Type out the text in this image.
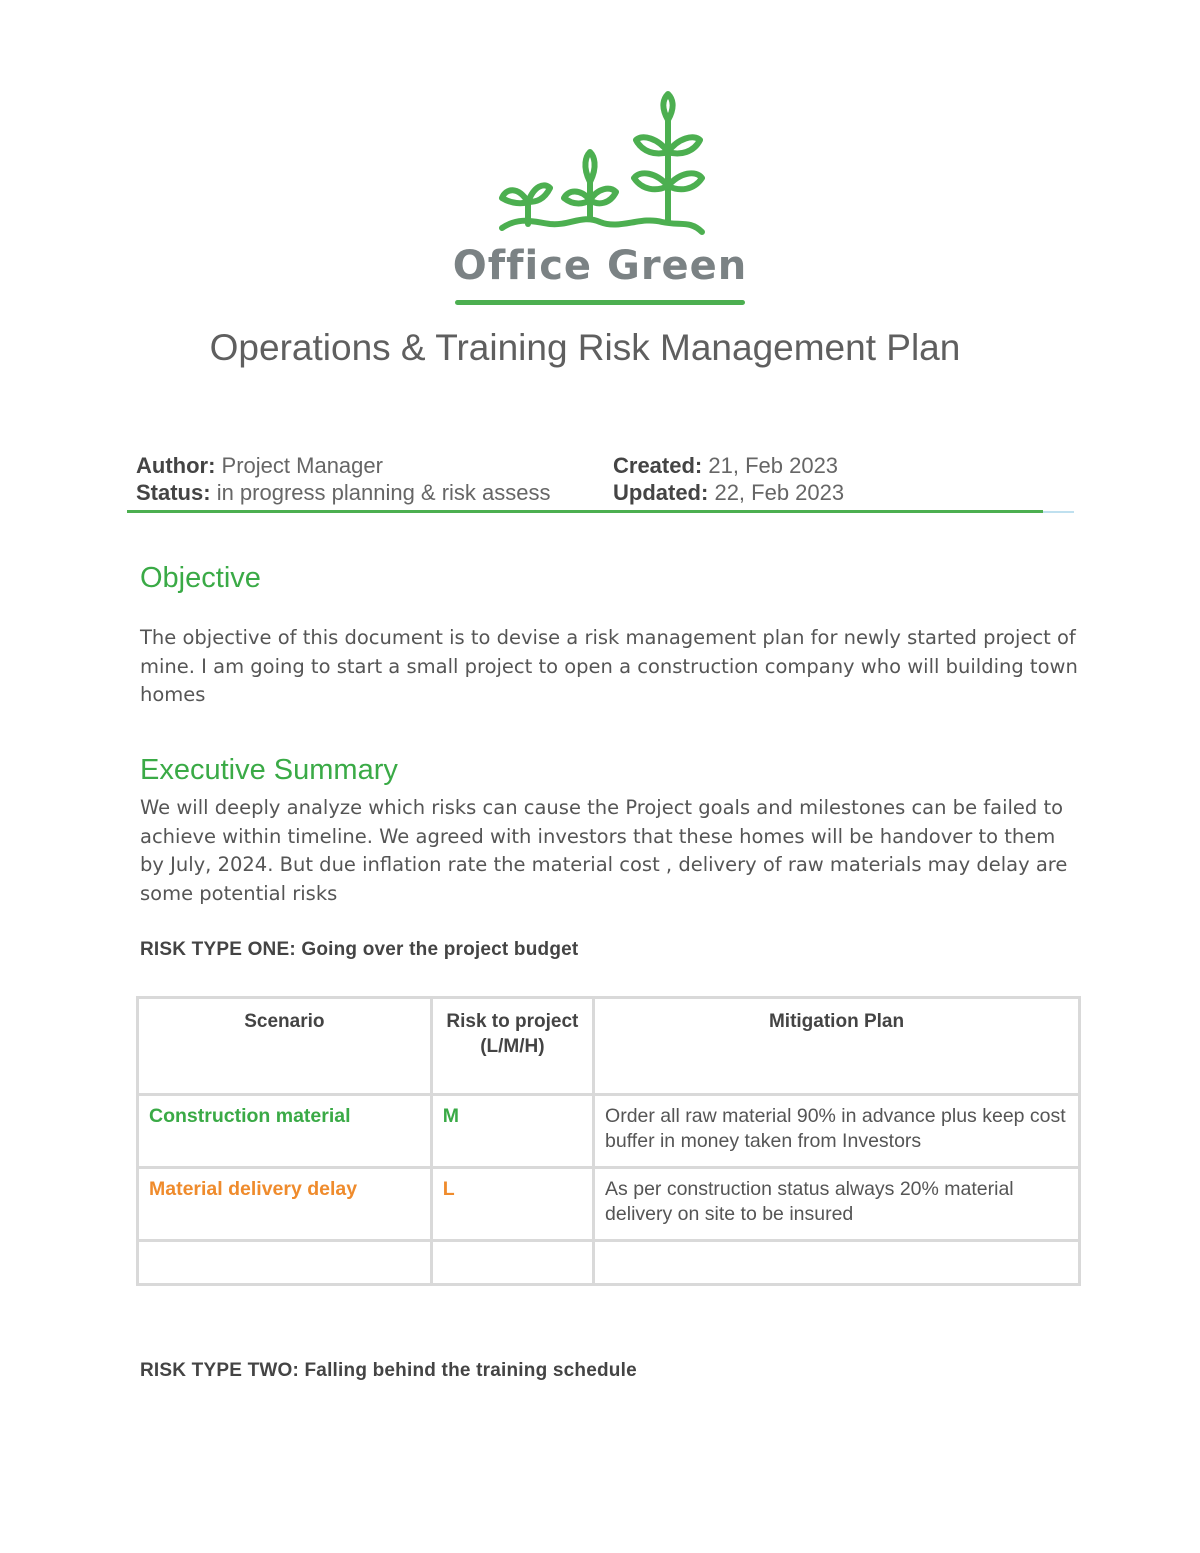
Office Green
Operations & Training Risk Management Plan
Author: Project Manager
Status: in progress planning & risk assess
Created: 21, Feb 2023
Updated: 22, Feb 2023
Objective
The objective of this document is to devise a risk management plan for newly started project of mine. I am going to start a small project to open a construction company who will building town homes
Executive Summary
We will deeply analyze which risks can cause the Project goals and milestones can be failed to achieve within timeline. We agreed with investors that these homes will be handover to them by July, 2024. But due inflation rate the material cost , delivery of raw materials may delay are some potential risks
RISK TYPE ONE: Going over the project budget
Scenario	Risk to project (L/M/H)	Mitigation Plan
Construction material	M	Order all raw material 90% in advance plus keep cost buffer in money taken from Investors
Material delivery delay	L	As per construction status always 20% material delivery on site to be insured

RISK TYPE TWO: Falling behind the training schedule
